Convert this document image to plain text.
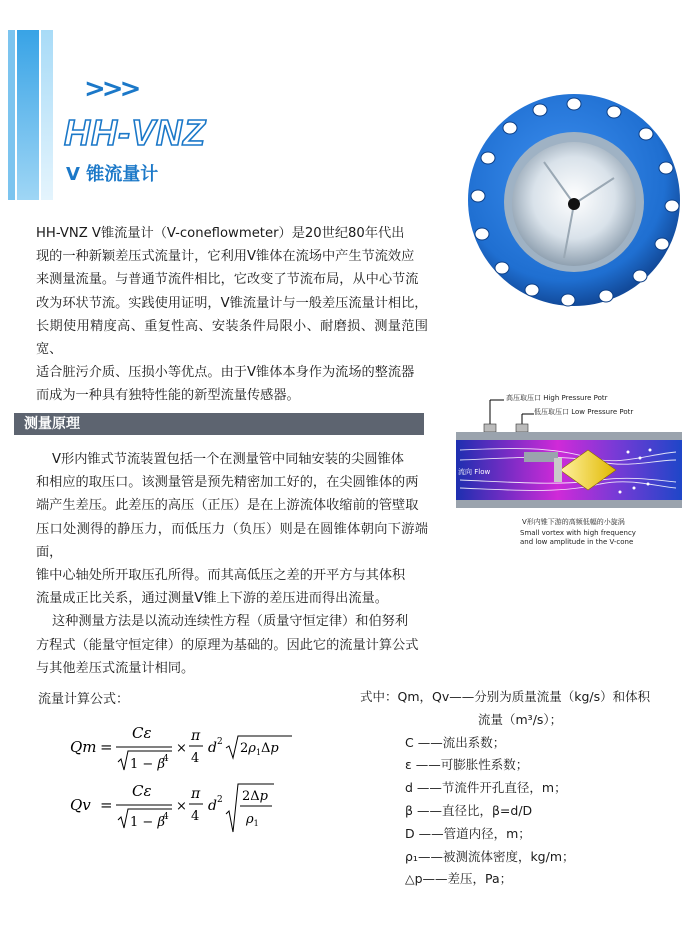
>>>
HH-VNZ
V 锥流量计

HH-VNZ V锥流量计（V-coneflowmeter）是20世纪80年代出

现的一种新颖差压式流量计，它利用V锥体在流场中产生节流效应

来测量流量。与普通节流件相比，它改变了节流布局，从中心节流

改为环状节流。实践使用证明，V锥流量计与一般差压流量计相比，

长期使用精度高、重复性高、安装条件局限小、耐磨损、测量范围宽、

适合脏污介质、压损小等优点。由于V锥体本身作为流场的整流器

而成为一种具有独特性能的新型流量传感器。

测量原理

V形内锥式节流装置包括一个在测量管中同轴安装的尖圆锥体

和相应的取压口。该测量管是预先精密加工好的，在尖圆锥体的两

端产生差压。此差压的高压（正压）是在上游流体收缩前的管壁取

压口处测得的静压力，而低压力（负压）则是在圆锥体朝向下游端面，

锥中心轴处所开取压孔所得。而其高低压之差的开平方与其体积

流量成正比关系，通过测量V锥上下游的差压进而得出流量。

这种测量方法是以流动连续性方程（质量守恒定律）和伯努利

方程式（能量守恒定律）的原理为基础的。因此它的流量计算公式

与其他差压式流量计相同。

高压取压口 High Pressure Potr
低压取压口 Low Pressure Potr
流向 Flow
V形内锥下游的高频低幅的小旋涡
Small vortex with high frequency
and low amplitude in the V-cone
流量计算公式：
Qm =
Cε
1 − β
4
×
π
4
d 2 $2\rho_1\Delta p$
Qv =
Cε
1 − β
4
×
π
4
d 2 2Δp
$\rho_1$
式中：Qm，Qv——分别为质量流量（kg/s）和体积
流量（m³/s）；
C ——流出系数；
ε ——可膨胀性系数；
d ——节流件开孔直径，m；
β ——直径比，β=d/D
D ——管道内径，m；
ρ₁——被测流体密度，kg/m；
△p——差压，Pa；
